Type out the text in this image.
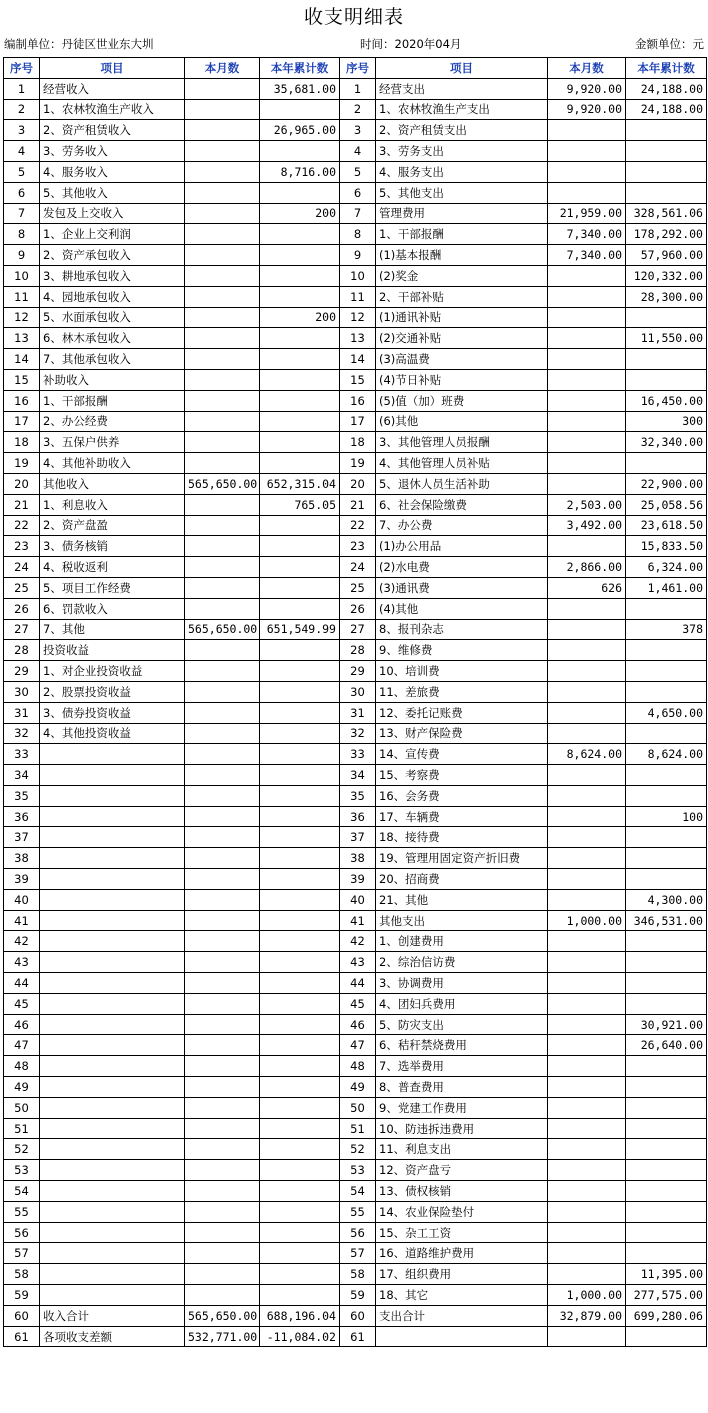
收支明细表
编制单位：丹徒区世业东大圳	时间：2020年04月	金额单位：元
序号	项目	本月数	本年累计数	序号	项目	本月数	本年累计数
1	经营收入		35,681.00	1	经营支出	9,920.00	24,188.00
2	1、农林牧渔生产收入			2	1、农林牧渔生产支出	9,920.00	24,188.00
3	2、资产租赁收入		26,965.00	3	2、资产租赁支出		
4	3、劳务收入			4	3、劳务支出		
5	4、服务收入		8,716.00	5	4、服务支出		
6	5、其他收入			6	5、其他支出		
7	发包及上交收入		200	7	管理费用	21,959.00	328,561.06
8	1、企业上交利润			8	1、干部报酬	7,340.00	178,292.00
9	2、资产承包收入			9	(1)基本报酬	7,340.00	57,960.00
10	3、耕地承包收入			10	(2)奖金		120,332.00
11	4、园地承包收入			11	2、干部补贴		28,300.00
12	5、水面承包收入		200	12	(1)通讯补贴		
13	6、林木承包收入			13	(2)交通补贴		11,550.00
14	7、其他承包收入			14	(3)高温费		
15	补助收入			15	(4)节日补贴		
16	1、干部报酬			16	(5)值（加）班费		16,450.00
17	2、办公经费			17	(6)其他		300
18	3、五保户供养			18	3、其他管理人员报酬		32,340.00
19	4、其他补助收入			19	4、其他管理人员补贴		
20	其他收入	565,650.00	652,315.04	20	5、退休人员生活补助		22,900.00
21	1、利息收入		765.05	21	6、社会保险缴费	2,503.00	25,058.56
22	2、资产盘盈			22	7、办公费	3,492.00	23,618.50
23	3、债务核销			23	(1)办公用品		15,833.50
24	4、税收返利			24	(2)水电费	2,866.00	6,324.00
25	5、项目工作经费			25	(3)通讯费	626	1,461.00
26	6、罚款收入			26	(4)其他		
27	7、其他	565,650.00	651,549.99	27	8、报刊杂志		378
28	投资收益			28	9、维修费		
29	1、对企业投资收益			29	10、培训费		
30	2、股票投资收益			30	11、差旅费		
31	3、债券投资收益			31	12、委托记账费		4,650.00
32	4、其他投资收益			32	13、财产保险费		
33				33	14、宣传费	8,624.00	8,624.00
34				34	15、考察费		
35				35	16、会务费		
36				36	17、车辆费		100
37				37	18、接待费		
38				38	19、管理用固定资产折旧费		
39				39	20、招商费		
40				40	21、其他		4,300.00
41				41	其他支出	1,000.00	346,531.00
42				42	1、创建费用		
43				43	2、综治信访费		
44				44	3、协调费用		
45				45	4、团妇兵费用		
46				46	5、防灾支出		30,921.00
47				47	6、秸秆禁烧费用		26,640.00
48				48	7、选举费用		
49				49	8、普查费用		
50				50	9、党建工作费用		
51				51	10、防违拆违费用		
52				52	11、利息支出		
53				53	12、资产盘亏		
54				54	13、债权核销		
55				55	14、农业保险垫付		
56				56	15、杂工工资		
57				57	16、道路维护费用		
58				58	17、组织费用		11,395.00
59				59	18、其它	1,000.00	277,575.00
60	收入合计	565,650.00	688,196.04	60	支出合计	32,879.00	699,280.06
61	各项收支差额	532,771.00	-11,084.02	61			
